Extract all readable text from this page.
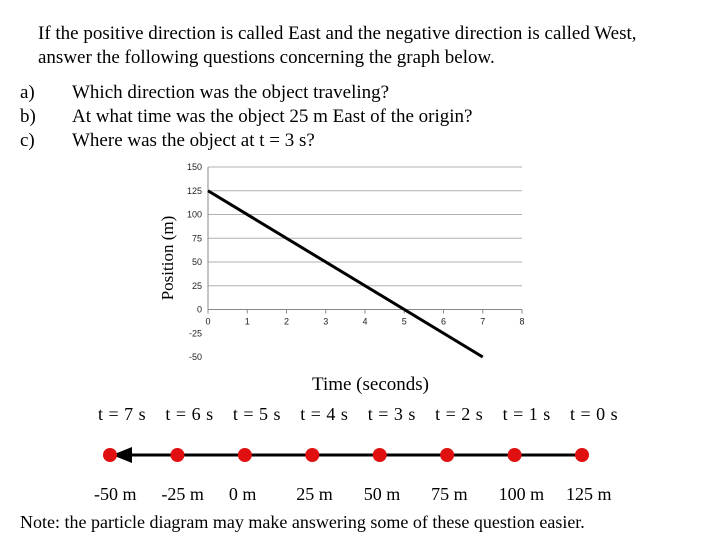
If the positive direction is called East and the negative direction is called West, answer the following questions concerning the graph below.

a) Which direction was the object traveling?
b) At what time was the object 25 m East of the origin?
c) Where was the object at t = 3 s?
-50
-25
0
25
50
75
100
125
150
0	1	2	3	4	5	6	7	8
Position (m)
Time (seconds)
t = 7 s t = 6 s t = 5 s t = 4 s t = 3 s t = 2 s t = 1 s t = 0 s
-50 m -25 m 0 m 25 m 50 m 75 m 100 m 125 m
Note: the particle diagram may make answering some of these question easier.
